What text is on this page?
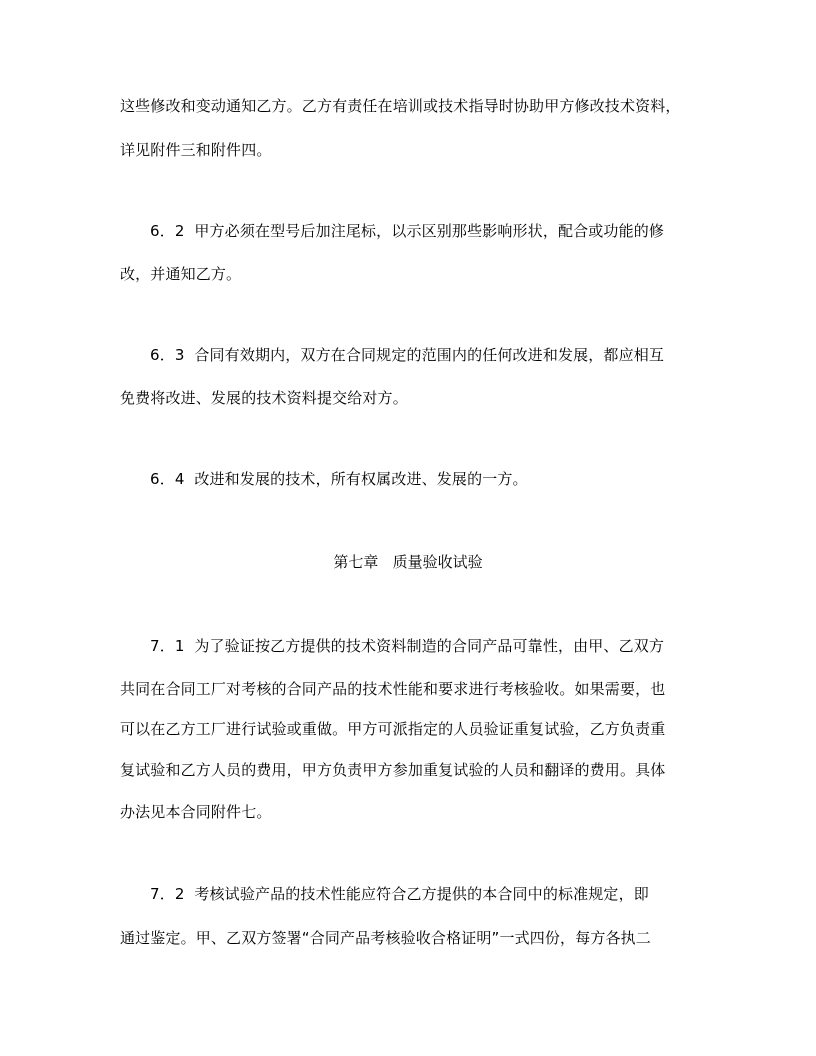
这些修改和变动通知乙方。乙方有责任在培训或技术指导时协助甲方修改技术资料，
详见附件三和附件四。
6．2  甲方必须在型号后加注尾标，以示区别那些影响形状，配合或功能的修
改，并通知乙方。
6．3  合同有效期内，双方在合同规定的范围内的任何改进和发展，都应相互
免费将改进、发展的技术资料提交给对方。
6．4  改进和发展的技术，所有权属改进、发展的一方。
第七章   质量验收试验
7．1  为了验证按乙方提供的技术资料制造的合同产品可靠性，由甲、乙双方
共同在合同工厂对考核的合同产品的技术性能和要求进行考核验收。如果需要，也
可以在乙方工厂进行试验或重做。甲方可派指定的人员验证重复试验，乙方负责重
复试验和乙方人员的费用，甲方负责甲方参加重复试验的人员和翻译的费用。具体
办法见本合同附件七。
7．2  考核试验产品的技术性能应符合乙方提供的本合同中的标准规定，即
通过鉴定。甲、乙双方签署“合同产品考核验收合格证明”一式四份，每方各执二
